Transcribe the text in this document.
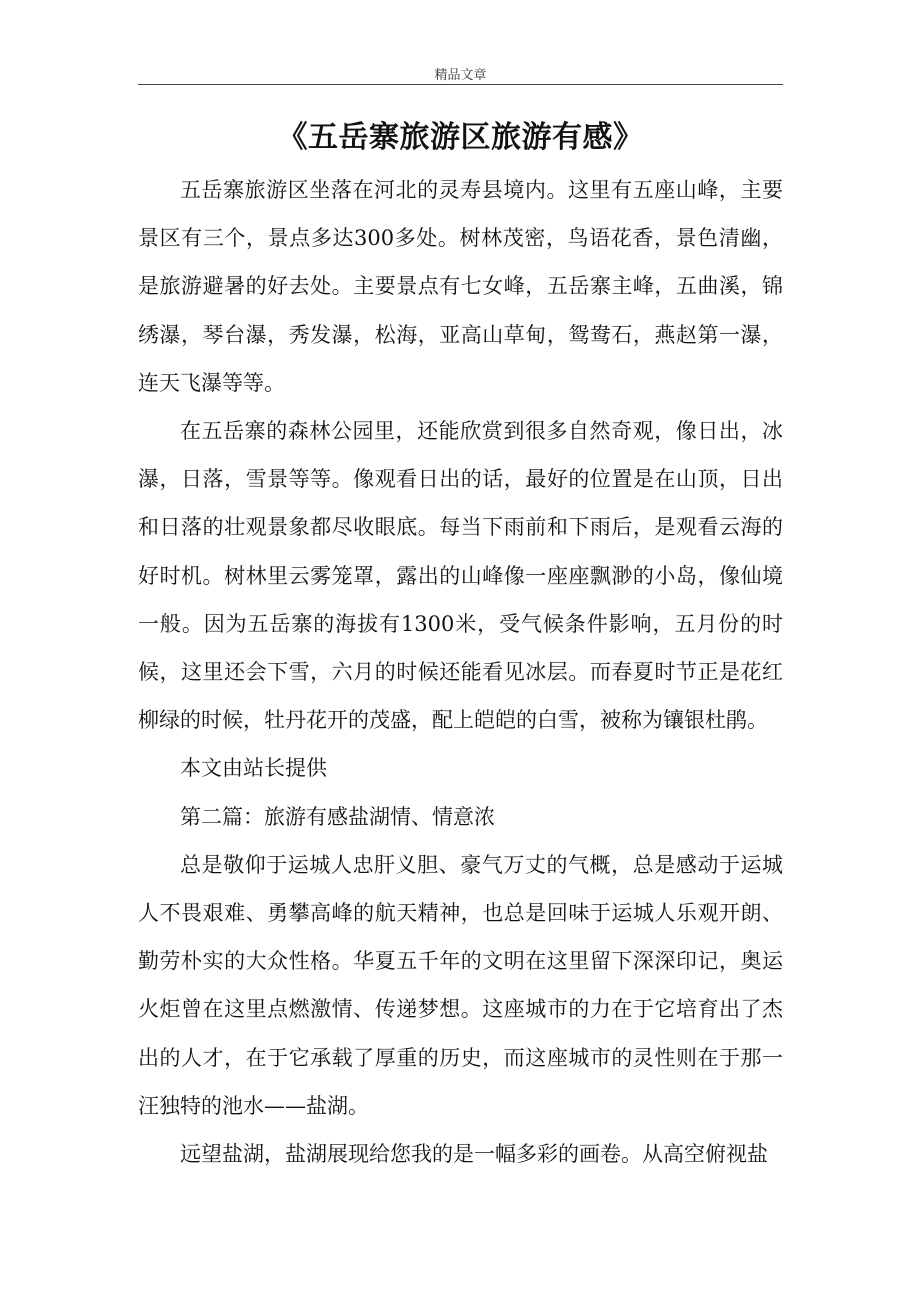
精品文章
《五岳寨旅游区旅游有感》

五岳寨旅游区坐落在河北的灵寿县境内。这里有五座山峰，主要景区有三个，景点多达300多处。树林茂密，鸟语花香，景色清幽，是旅游避暑的好去处。主要景点有七女峰，五岳寨主峰，五曲溪，锦绣瀑，琴台瀑，秀发瀑，松海，亚高山草甸，鸳鸯石，燕赵第一瀑，连天飞瀑等等。

在五岳寨的森林公园里，还能欣赏到很多自然奇观，像日出，冰瀑，日落，雪景等等。像观看日出的话，最好的位置是在山顶，日出和日落的壮观景象都尽收眼底。每当下雨前和下雨后，是观看云海的好时机。树林里云雾笼罩，露出的山峰像一座座飘渺的小岛，像仙境一般。因为五岳寨的海拔有1300米，受气候条件影响，五月份的时候，这里还会下雪，六月的时候还能看见冰层。而春夏时节正是花红柳绿的时候，牡丹花开的茂盛，配上皑皑的白雪，被称为镶银杜鹃。

本文由站长提供

第二篇：旅游有感盐湖情、情意浓

总是敬仰于运城人忠肝义胆、豪气万丈的气概，总是感动于运城人不畏艰难、勇攀高峰的航天精神，也总是回味于运城人乐观开朗、勤劳朴实的大众性格。华夏五千年的文明在这里留下深深印记，奥运火炬曾在这里点燃激情、传递梦想。这座城市的力在于它培育出了杰出的人才，在于它承载了厚重的历史，而这座城市的灵性则在于那一汪独特的池水——盐湖。

远望盐湖，盐湖展现给您我的是一幅多彩的画卷。从高空俯视盐
